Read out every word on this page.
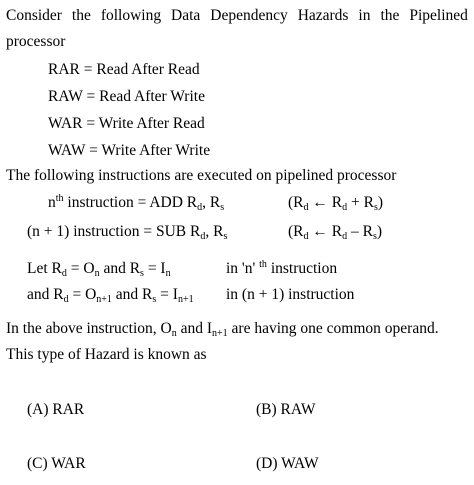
Consider the following Data Dependency Hazards in the Pipelined
processor
RAR = Read After Read
RAW = Read After Write
WAR = Write After Read
WAW = Write After Write
The following instructions are executed on pipelined processor
$n^{th}$ instruction = ADD $R_d$, $R_s$	($R_d$ ← $R_d + R_s$)
(n + 1) instruction = SUB $R_d$, $R_s$	($R_d$ ← $R_d - R_s$)
Let $R_d = O_n$ and $R_s = I_n$	in 'n' $^{th}$ instruction
and $R_d = O_{n+1}$ and $R_s = I_{n+1}$ in (n + 1) instruction
In the above instruction, $O_n$ and $I_{n+1}$ are having one common operand.
This type of Hazard is known as
(A) RAR	(B) RAW
(C) WAR	(D) WAW
